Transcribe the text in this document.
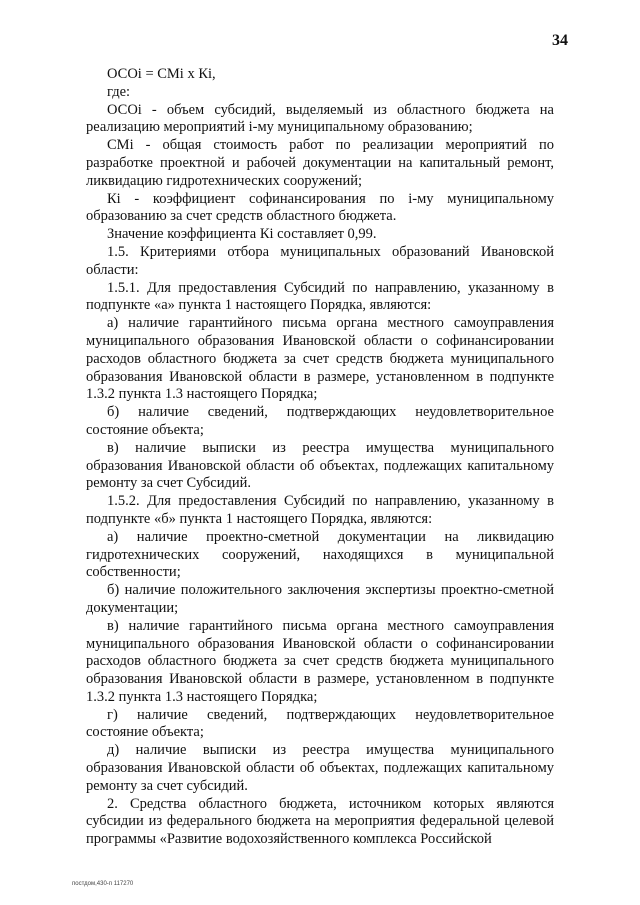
34

ОСОi = СМi х Кi,

где:

ОСОi - объем субсидий, выделяемый из областного бюджета на реализацию мероприятий i-му муниципальному образованию;

СМi - общая стоимость работ по реализации мероприятий по разработке проектной и рабочей документации на капитальный ремонт, ликвидацию гидротехнических сооружений;

Кi - коэффициент софинансирования по i-му муниципальному образованию за счет средств областного бюджета.

Значение коэффициента Кi составляет 0,99.

1.5. Критериями отбора муниципальных образований Ивановской области:

1.5.1. Для предоставления Субсидий по направлению, указанному в подпункте «а» пункта 1 настоящего Порядка, являются:

а) наличие гарантийного письма органа местного самоуправления муниципального образования Ивановской области о софинансировании расходов областного бюджета за счет средств бюджета муниципального образования Ивановской области в размере, установленном в подпункте 1.3.2 пункта 1.3 настоящего Порядка;

б) наличие сведений, подтверждающих неудовлетворительное состояние объекта;

в) наличие выписки из реестра имущества муниципального образования Ивановской области об объектах, подлежащих капитальному ремонту за счет Субсидий.

1.5.2. Для предоставления Субсидий по направлению, указанному в подпункте «б» пункта 1 настоящего Порядка, являются:

а) наличие проектно-сметной документации на ликвидацию гидротехнических сооружений, находящихся в муниципальной собственности;

б) наличие положительного заключения экспертизы проектно-сметной документации;

в) наличие гарантийного письма органа местного самоуправления муниципального образования Ивановской области о софинансировании расходов областного бюджета за счет средств бюджета муниципального образования Ивановской области в размере, установленном в подпункте 1.3.2 пункта 1.3 настоящего Порядка;

г) наличие сведений, подтверждающих неудовлетворительное состояние объекта;

д) наличие выписки из реестра имущества муниципального образования Ивановской области об объектах, подлежащих капитальному ремонту за счет субсидий.

2. Средства областного бюджета, источником которых являются субсидии из федерального бюджета на мероприятия федеральной целевой программы «Развитие водохозяйственного комплекса Российской

постдом,430-п 117270
